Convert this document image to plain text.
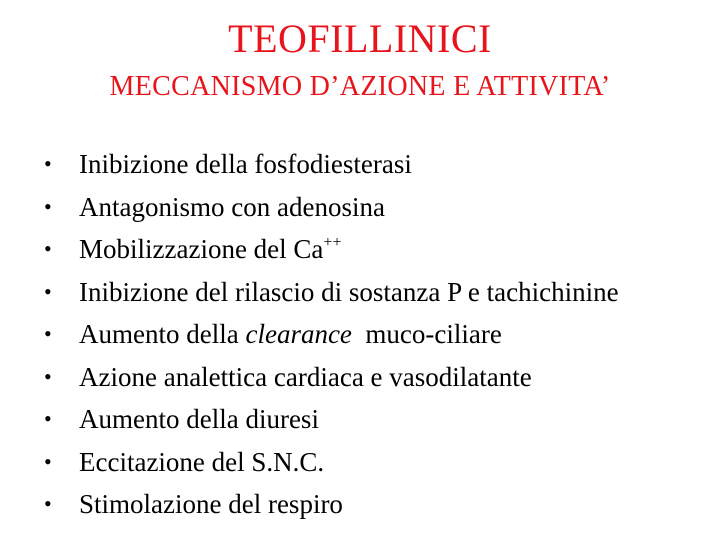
TEOFILLINICI
MECCANISMO D’AZIONE E ATTIVITA’
• Inibizione della fosfodiesterasi
• Antagonismo con adenosina
• Mobilizzazione del Ca++
• Inibizione del rilascio di sostanza P e tachichinine
• Aumento della clearance  muco-ciliare
• Azione analettica cardiaca e vasodilatante
• Aumento della diuresi
• Eccitazione del S.N.C.
• Stimolazione del respiro
